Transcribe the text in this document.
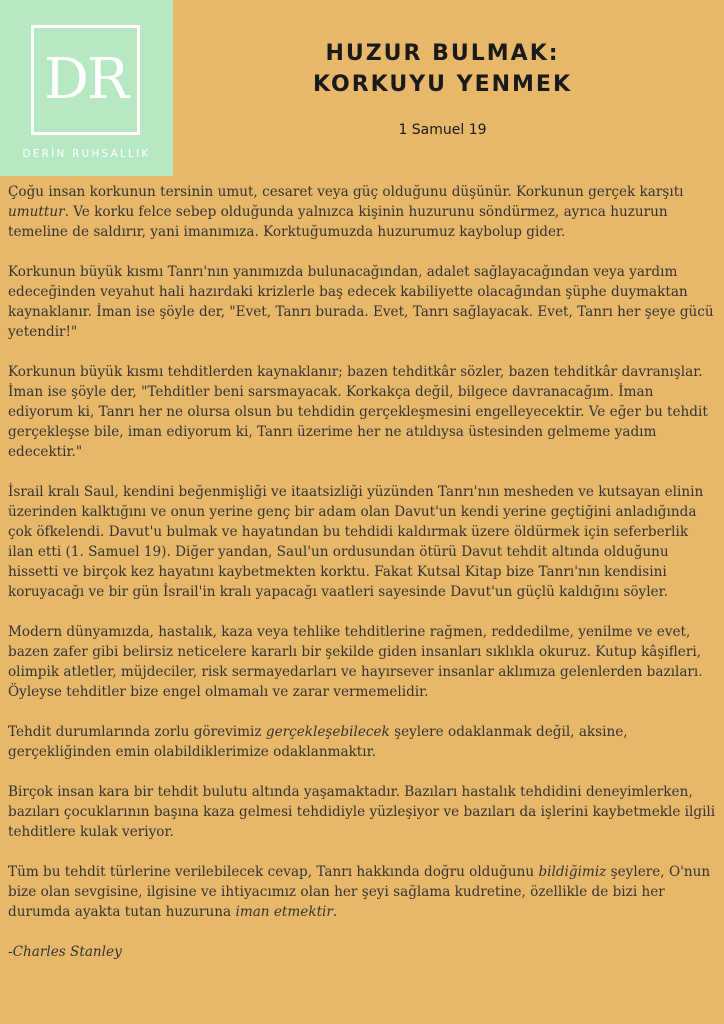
DR
DERİN RUHSALLIK
HUZUR BULMAK:
KORKUYU YENMEK
1 Samuel 19

Çoğu insan korkunun tersinin umut, cesaret veya güç olduğunu düşünür. Korkunun gerçek karşıtı umuttur. Ve korku felce sebep olduğunda yalnızca kişinin huzurunu söndürmez, ayrıca huzurun temeline de saldırır, yani imanımıza. Korktuğumuzda huzurumuz kaybolup gider.

Korkunun büyük kısmı Tanrı'nın yanımızda bulunacağından, adalet sağlayacağından veya yardım edeceğinden veyahut hali hazırdaki krizlerle baş edecek kabiliyette olacağından şüphe duymaktan kaynaklanır. İman ise şöyle der, "Evet, Tanrı burada. Evet, Tanrı sağlayacak. Evet, Tanrı her şeye gücü yetendir!"

Korkunun büyük kısmı tehditlerden kaynaklanır; bazen tehditkâr sözler, bazen tehditkâr davranışlar. İman ise şöyle der, "Tehditler beni sarsmayacak. Korkakça değil, bilgece davranacağım. İman ediyorum ki, Tanrı her ne olursa olsun bu tehdidin gerçekleşmesini engelleyecektir. Ve eğer bu tehdit gerçekleşse bile, iman ediyorum ki, Tanrı üzerime her ne atıldıysa üstesinden gelmeme yadım edecektir."

İsrail kralı Saul, kendini beğenmişliği ve itaatsizliği yüzünden Tanrı'nın mesheden ve kutsayan elinin üzerinden kalktığını ve onun yerine genç bir adam olan Davut'un kendi yerine geçtiğini anladığında çok öfkelendi. Davut'u bulmak ve hayatından bu tehdidi kaldırmak üzere öldürmek için seferberlik ilan etti (1. Samuel 19). Diğer yandan, Saul'un ordusundan ötürü Davut tehdit altında olduğunu hissetti ve birçok kez hayatını kaybetmekten korktu. Fakat Kutsal Kitap bize Tanrı'nın kendisini koruyacağı ve bir gün İsrail'in kralı yapacağı vaatleri sayesinde Davut'un güçlü kaldığını söyler.

Modern dünyamızda, hastalık, kaza veya tehlike tehditlerine rağmen, reddedilme, yenilme ve evet, bazen zafer gibi belirsiz neticelere kararlı bir şekilde giden insanları sıklıkla okuruz. Kutup kâşifleri, olimpik atletler, müjdeciler, risk sermayedarları ve hayırsever insanlar aklımıza gelenlerden bazıları. Öyleyse tehditler bize engel olmamalı ve zarar vermemelidir.

Tehdit durumlarında zorlu görevimiz gerçekleşebilecek şeylere odaklanmak değil, aksine, gerçekliğinden emin olabildiklerimize odaklanmaktır.

Birçok insan kara bir tehdit bulutu altında yaşamaktadır. Bazıları hastalık tehdidini deneyimlerken, bazıları çocuklarının başına kaza gelmesi tehdidiyle yüzleşiyor ve bazıları da işlerini kaybetmekle ilgili tehditlere kulak veriyor.

Tüm bu tehdit türlerine verilebilecek cevap, Tanrı hakkında doğru olduğunu bildiğimiz şeylere, O'nun bize olan sevgisine, ilgisine ve ihtiyacımız olan her şeyi sağlama kudretine, özellikle de bizi her durumda ayakta tutan huzuruna iman etmektir.

-Charles Stanley
